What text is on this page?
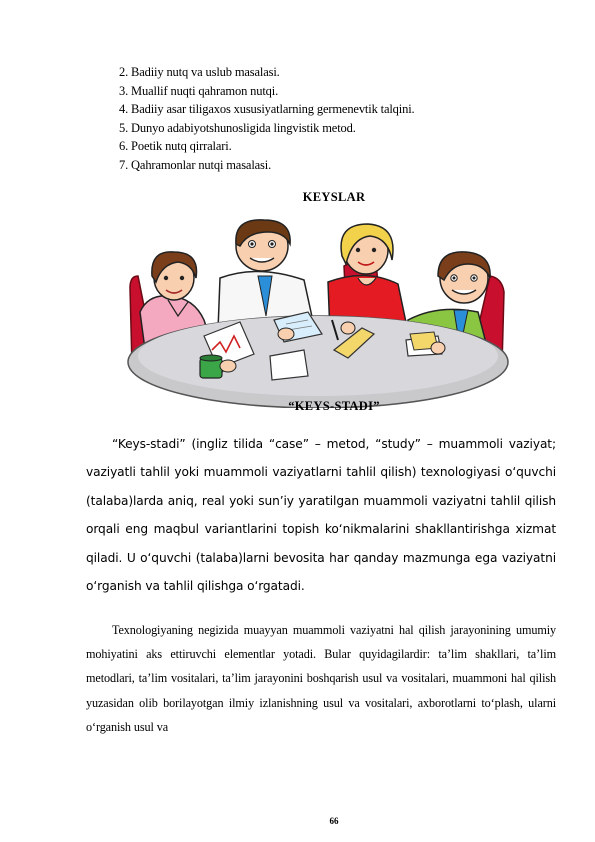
2. Badiiy nutq va uslub masalasi.
3. Muallif nuqti qahramon nutqi.
4. Badiiy asar tiligaxos xususiyatlarning germenevtik talqini.
5. Dunyo adabiyotshunosligida lingvistik metod.
6. Poetik nutq qirralari.
7. Qahramonlar nutqi masalasi.
KEYSLAR
“KEYS-STADI”

“Keys-stadi” (ingliz tilida “case” – metod, “study” – muammoli vaziyat; vaziyatli tahlil yoki muammoli vaziyatlarni tahlil qilish) texnologiyasi o‘quvchi (talaba)larda aniq, real yoki sun’iy yaratilgan muammoli vaziyatni tahlil qilish orqali eng maqbul variantlarini topish ko‘nikmalarini shakllantirishga xizmat qiladi. U o‘quvchi (talaba)larni bevosita har qanday mazmunga ega vaziyatni o‘rganish va tahlil qilishga o‘rgatadi.

Texnologiyaning negizida muayyan muammoli vaziyatni hal qilish jarayonining umumiy mohiyatini aks ettiruvchi elementlar yotadi. Bular quyidagilardir: ta’lim shakllari, ta’lim metodlari, ta’lim vositalari, ta’lim jarayonini boshqarish usul va vositalari, muammoni hal qilish yuzasidan olib borilayotgan ilmiy izlanishning usul va vositalari, axborotlarni to‘plash, ularni o‘rganish usul va

66
